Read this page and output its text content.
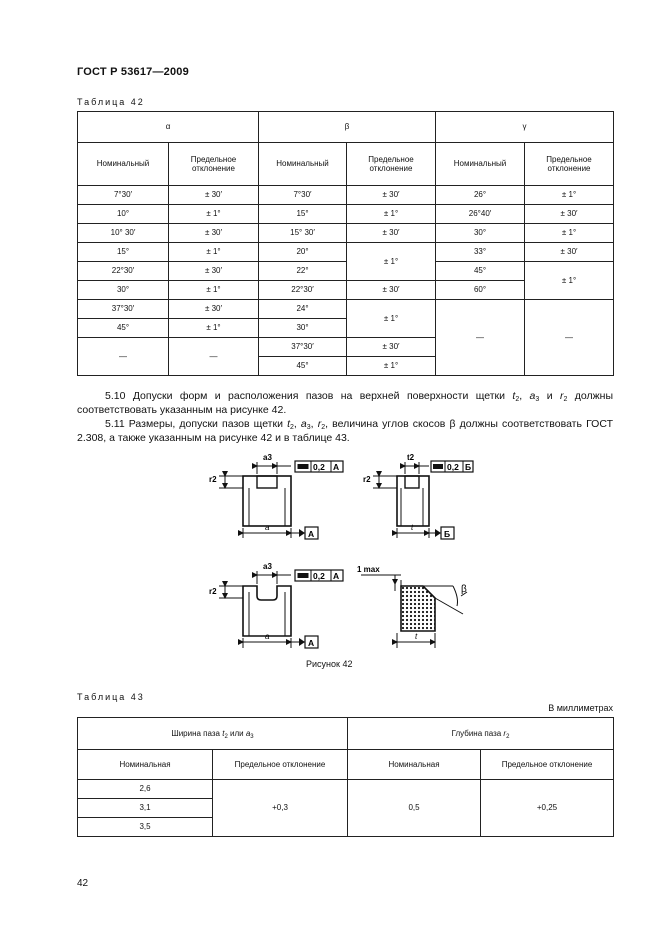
ГОСТ Р 53617—2009
Таблица 42
α		β		γ	
Номинальный	Предельное отклонение	Номинальный	Предельное отклонение	Номинальный	Предельное отклонение
7°30′	± 30′	7°30′	± 30′	26°	± 1°
10°	± 1°	15°	± 1°	26°40′	± 30′
10° 30′	± 30′	15° 30′	± 30′	30°	± 1°
15°	± 1°	20°	± 1°	33°	± 30′
22°30′	± 30′	22°		45°	± 1°
30°	± 1°	22°30′	± 30′	60°	
37°30′	± 30′	24°	± 1°	—	—
45°	± 1°	30°			
—	—	37°30′	± 30′		
		45°	± 1°		
5.10 Допуски форм и расположения пазов на верхней поверхности щетки $t_2$, $a_3$ и $r_2$ должны соответствовать указанным на рисунке 42.
5.11 Размеры, допуски пазов щетки $t_2$, $a_3$, $r_2$, величина углов скосов β должны соответствовать ГОСТ 2.308, а также указанным на рисунке 42 и в таблице 43.
a3
r2
a
0,2 А
А
t2
r2
t
0,2 Б
Б
a3
r2
a
0,2 А
А
1 max
β
t
Рисунок 42
Таблица 43
В миллиметрах
Ширина паза $t_2$ или $a_3$		Глубина паза $r_2$
Номинальная	Предельное отклонение	Номинальная	Предельное отклонение
2,6	+0,3	0,5	+0,25
3,1			
3,5			
42
